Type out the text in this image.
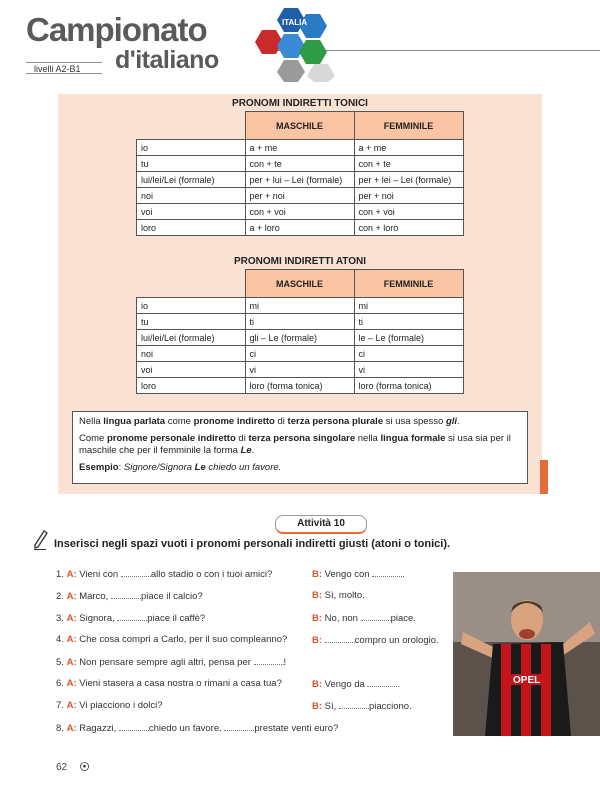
Campionato
d'italiano
livelli A2-B1
ITALIA
PRONOMI INDIRETTI TONICI
	MASCHILE	FEMMINILE
io	a + me	a + me
tu	con + te	con + te
lui/lei/Lei (formale)	per + lui – Lei (formale)	per + lei – Lei (formale)
noi	per + noi	per + noi
voi	con + voi	con + voi
loro	a + loro	con + loro
PRONOMI INDIRETTI ATONI
	MASCHILE	FEMMINILE
io	mi	mi
tu	ti	ti
lui/lei/Lei (formale)	gli – Le (formale)	le – Le (formale)
noi	ci	ci
voi	vi	vi
loro	loro (forma tonica)	loro (forma tonica)

Nella lingua parlata come pronome indiretto di terza persona plurale si usa spesso gli.

Come pronome personale indiretto di terza persona singolare nella lingua formale si usa sia per il maschile che per il femminile la forma Le.

Esempio: Signore/Signora Le chiedo un favore.

Attività 10
Inserisci negli spazi vuoti i pronomi personali indiretti giusti (atoni o tonici).
1. A: Vieni con	allo stadio o con i tuoi amici?	B: Vengo con	.
2. A: Marco,	piace il calcio?	B: Sì, molto.
3. A: Signora,	piace il caffè?	B: No, non	piace.
4. A: Che cosa compri a Carlo, per il suo compleanno?	B:	compro un orologio.
5. A: Non pensare sempre agli altri, pensa per	!
6. A: Vieni stasera a casa nostra o rimani a casa tua?	B: Vengo da	.
7. A: Vi piacciono i dolci?	B: Sì,	piacciono.
8. A: Ragazzi,	chiedo un favore.	prestate venti euro?
OPEL
62
